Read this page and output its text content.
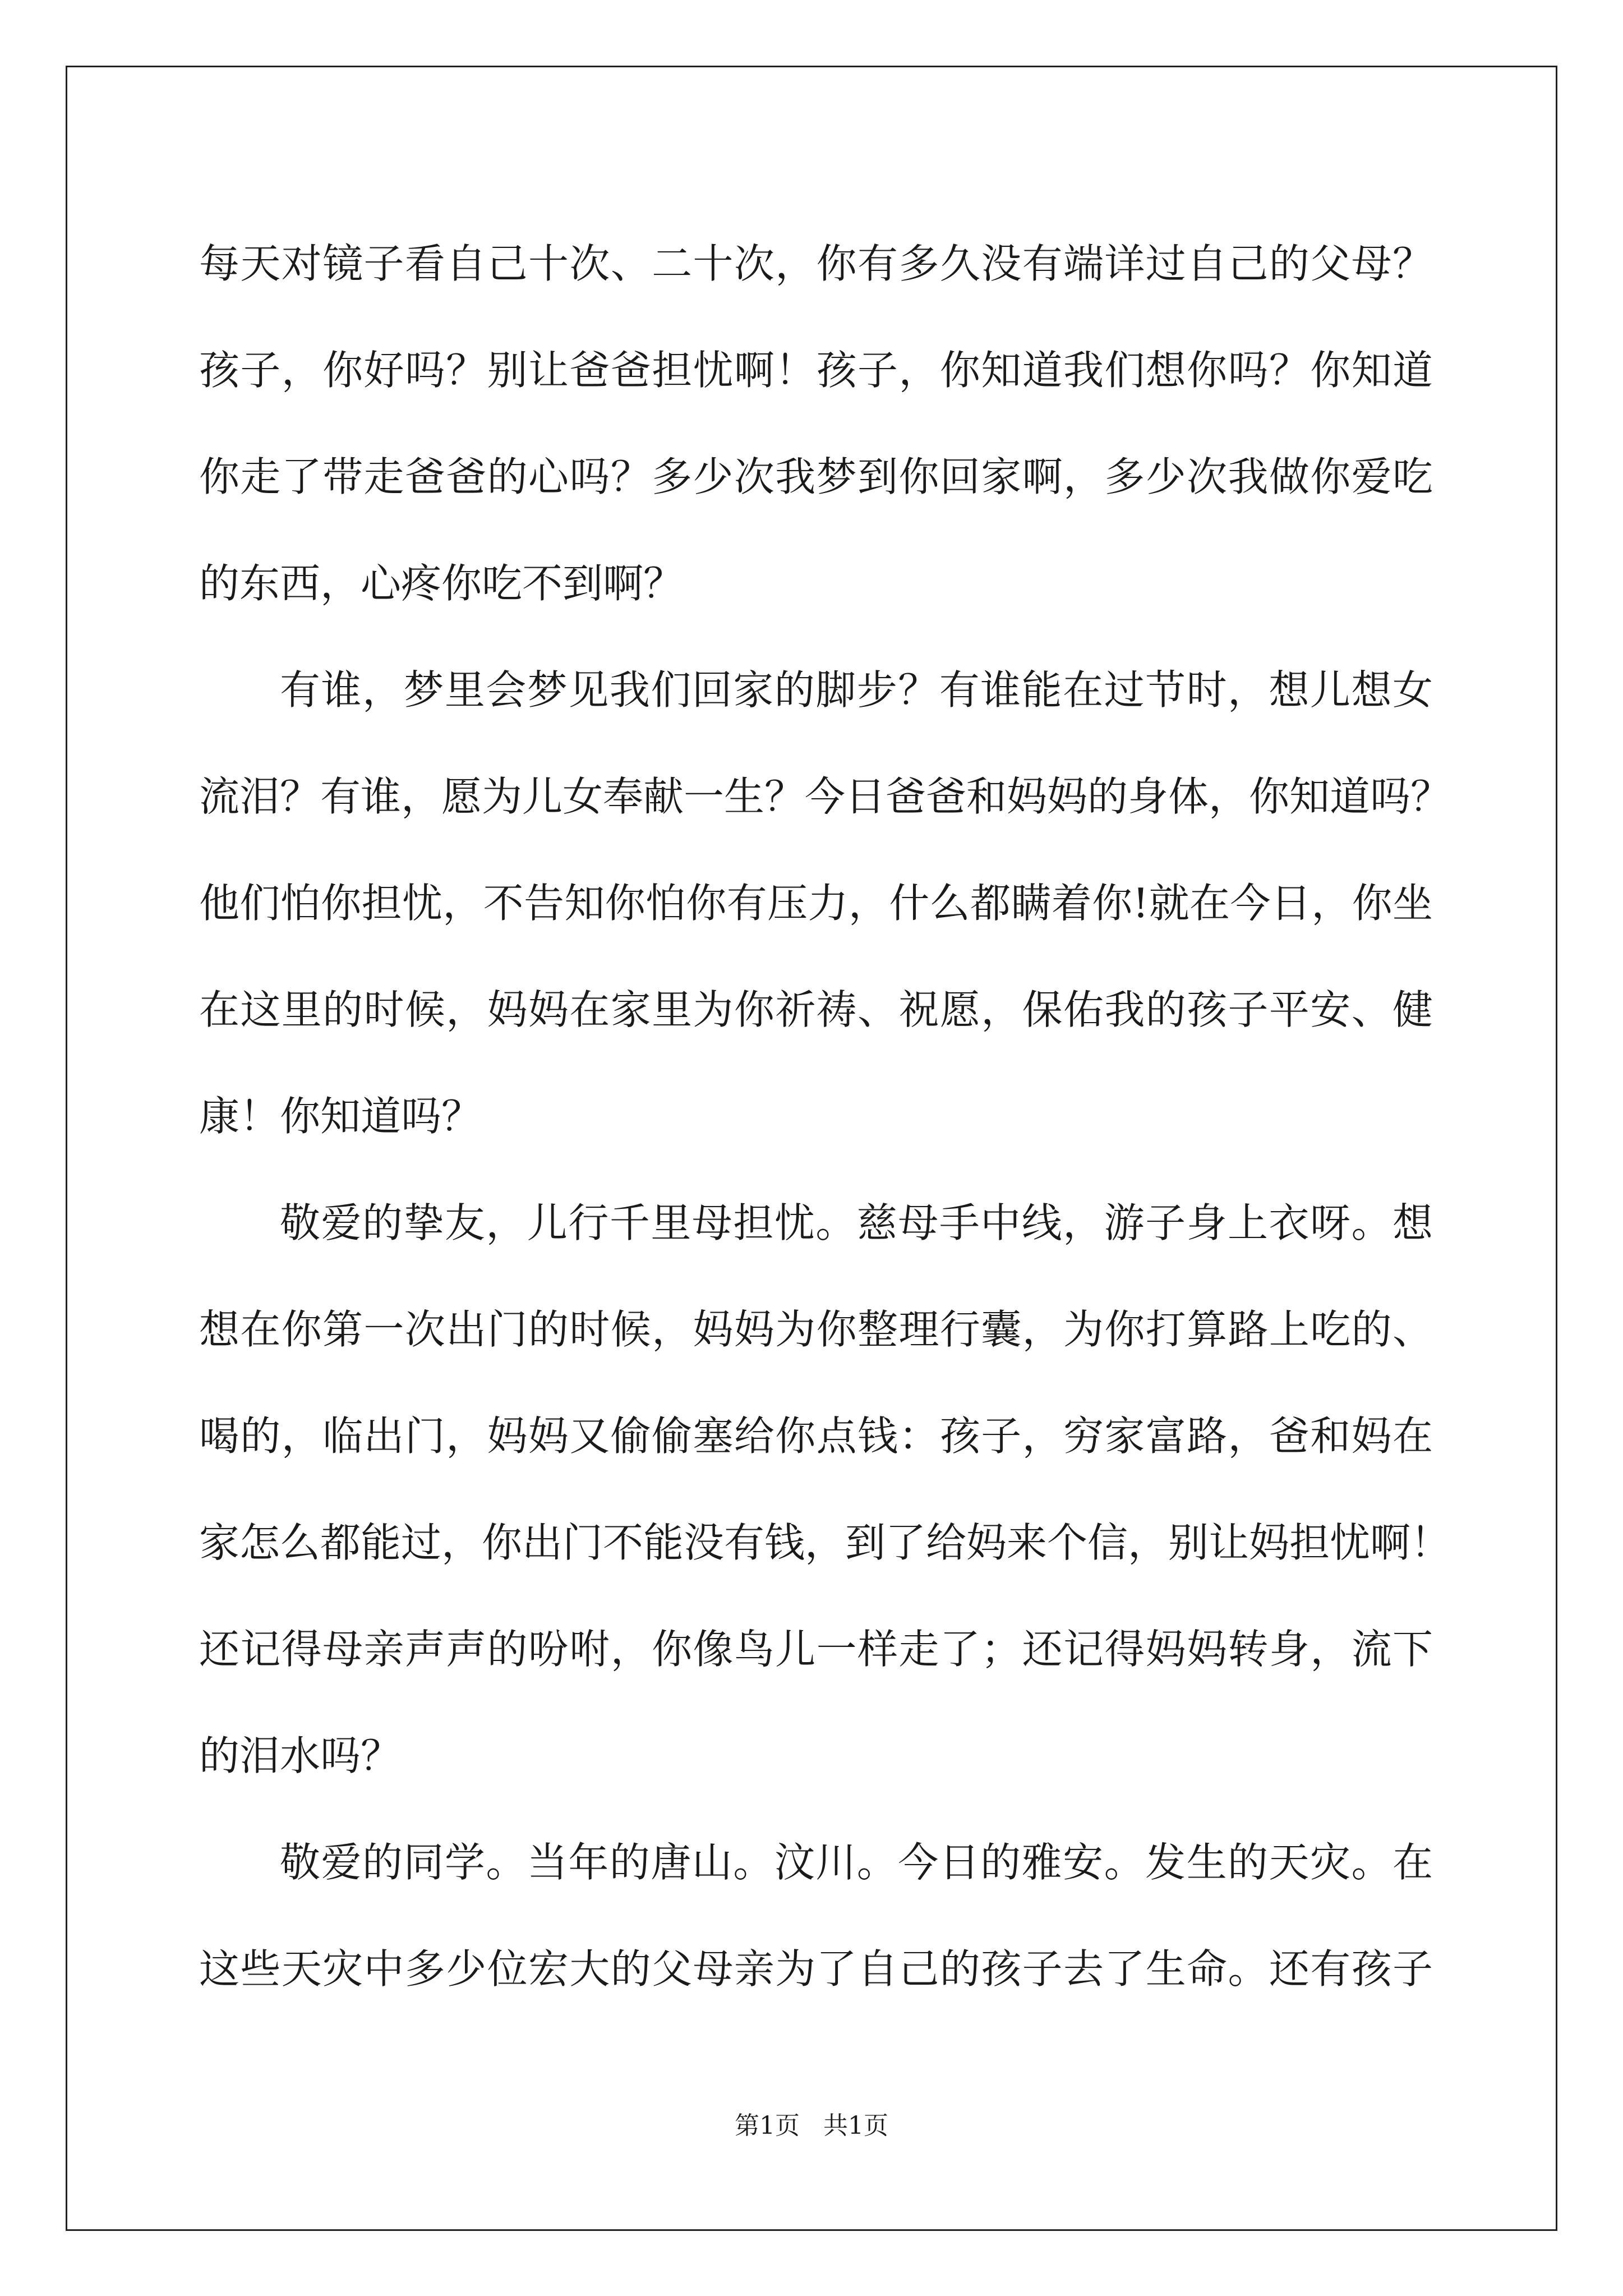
每天对镜子看自己十次、二十次，你有多久没有端详过自己的父母？
孩子，你好吗？别让爸爸担忧啊！孩子，你知道我们想你吗？你知道
你走了带走爸爸的心吗？多少次我梦到你回家啊，多少次我做你爱吃
的东西，心疼你吃不到啊？
有谁，梦里会梦见我们回家的脚步？有谁能在过节时，想儿想女
流泪？有谁，愿为儿女奉献一生？今日爸爸和妈妈的身体，你知道吗？
他们怕你担忧，不告知你怕你有压力，什么都瞒着你!就在今日，你坐
在这里的时候，妈妈在家里为你祈祷、祝愿，保佑我的孩子平安、健
康！你知道吗？
敬爱的挚友，儿行千里母担忧。慈母手中线，游子身上衣呀。想
想在你第一次出门的时候，妈妈为你整理行囊，为你打算路上吃的、
喝的，临出门，妈妈又偷偷塞给你点钱：孩子，穷家富路，爸和妈在
家怎么都能过，你出门不能没有钱，到了给妈来个信，别让妈担忧啊！
还记得母亲声声的吩咐，你像鸟儿一样走了；还记得妈妈转身，流下
的泪水吗？
敬爱的同学。当年的唐山。汶川。今日的雅安。发生的天灾。在
这些天灾中多少位宏大的父母亲为了自己的孩子去了生命。还有孩子
第1页 共1页
